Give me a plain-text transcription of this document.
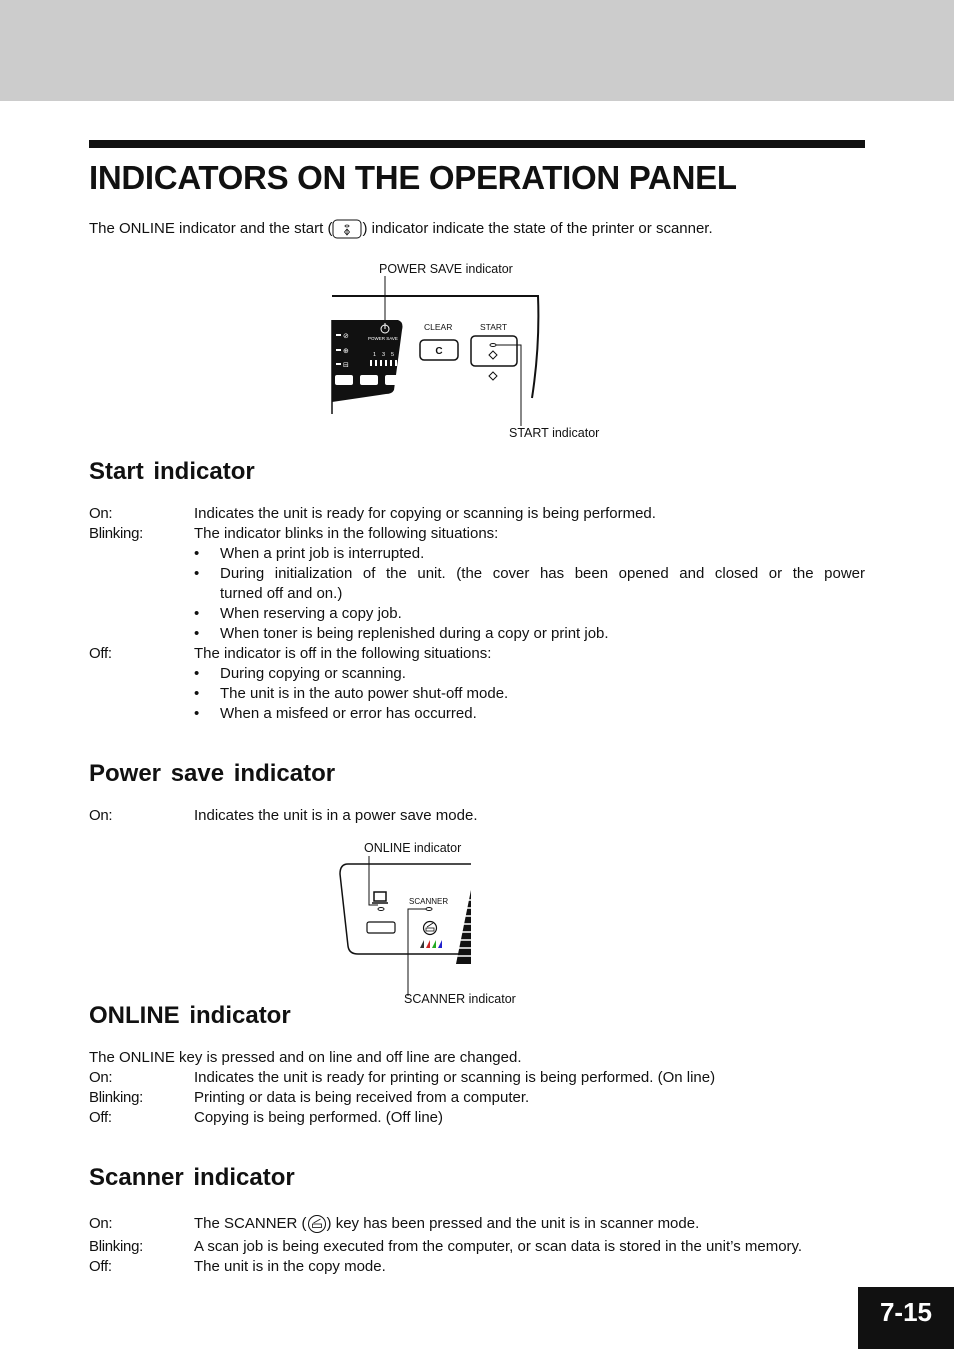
INDICATORS ON THE OPERATION PANEL
The ONLINE indicator and the start ( ) indicator indicate the state of the printer or scanner.
POWER SAVE indicator
POWER SAVE
⊘
⊕
⊟
1 3 5
CLEAR	START
C
START indicator
Start indicator
On:	Indicates the unit is ready for copying or scanning is being performed.
Blinking:	The indicator blinks in the following situations:
• When a print job is interrupted.
• During initialization of the unit. (the cover has been opened and closed or the power
turned off and on.)
• When reserving a copy job.
• When toner is being replenished during a copy or print job.
Off:	The indicator is off in the following situations:
• During copying or scanning.
• The unit is in the auto power shut-off mode.
• When a misfeed or error has occurred.
Power save indicator
On:	Indicates the unit is in a power save mode.
ONLINE indicator
SCANNER
SCANNER indicator
ONLINE indicator
The ONLINE key is pressed and on line and off line are changed.
On:	Indicates the unit is ready for printing or scanning is being performed. (On line)
Blinking:	Printing or data is being received from a computer.
Off:	Copying is being performed. (Off line)
Scanner indicator
On:	The SCANNER ( ) key has been pressed and the unit is in scanner mode.
Blinking:	A scan job is being executed from the computer, or scan data is stored in the unit’s memory.
Off:	The unit is in the copy mode.
7-15
